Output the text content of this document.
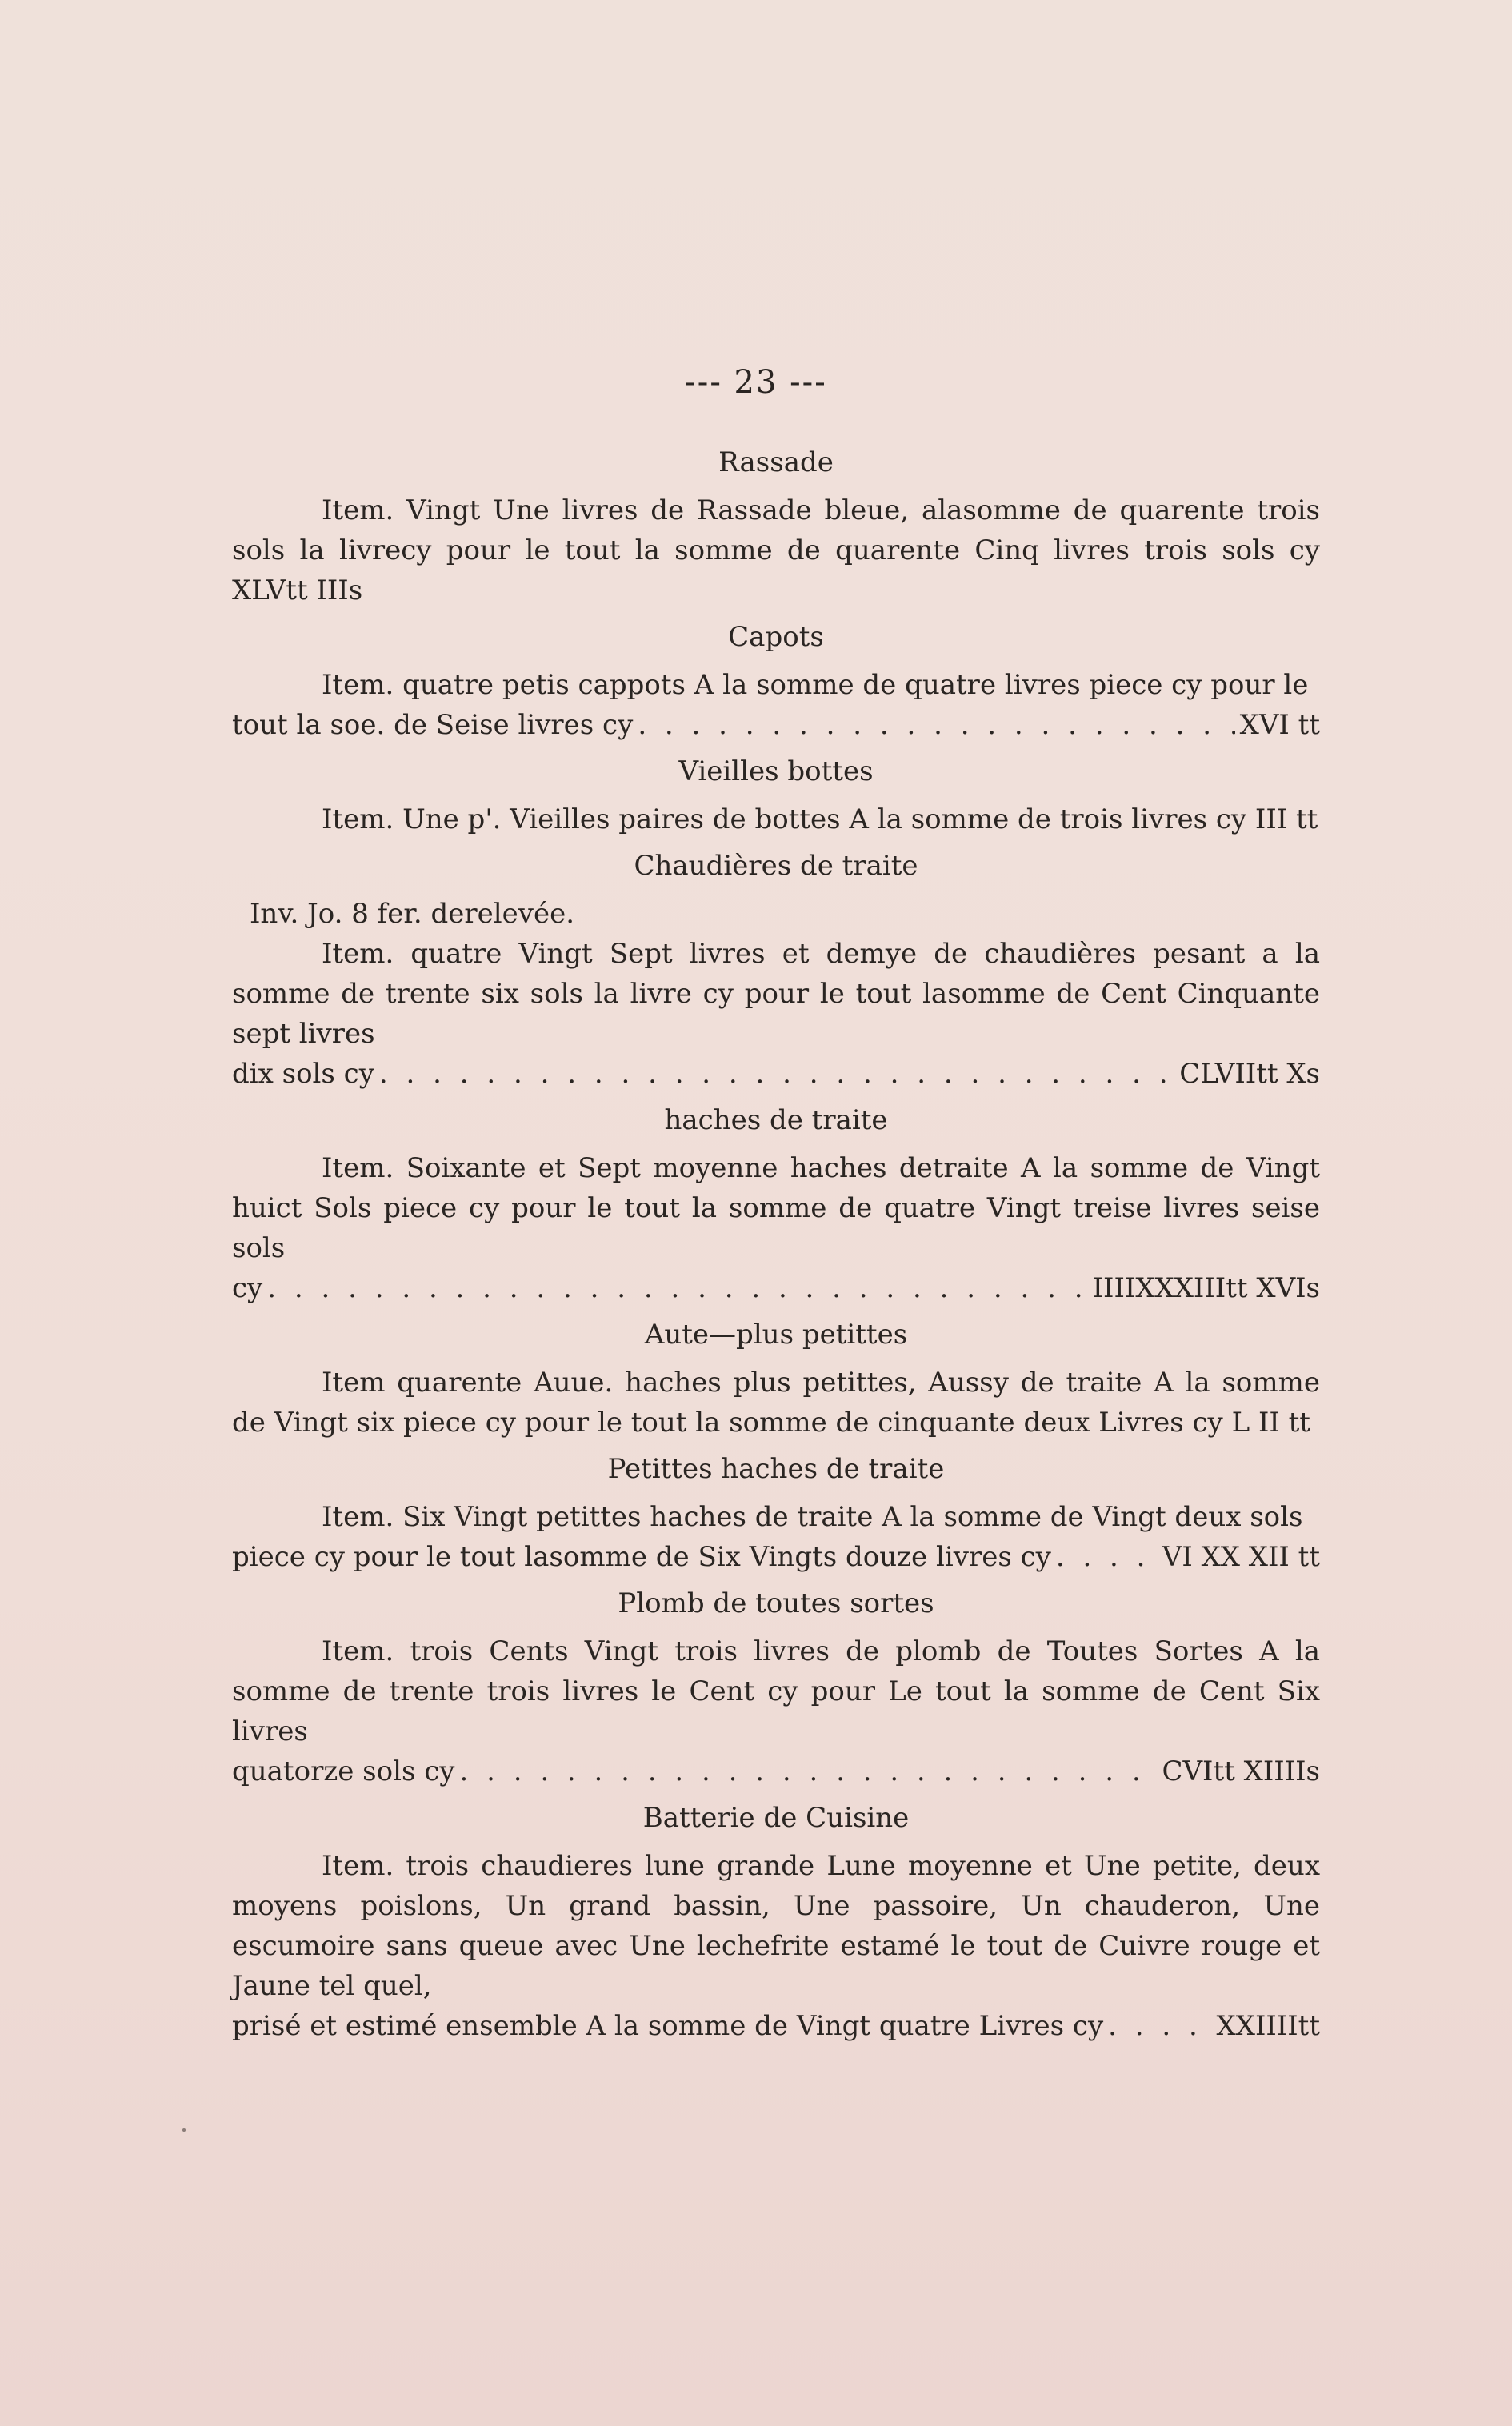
--- 23 ---
Rassade
Item. Vingt Une livres de Rassade bleue, alasomme de quarente trois sols la livrecy pour le tout la somme de quarente Cinq livres trois sols cy XLVtt IIIs
Capots
Item. quatre petis cappots A la somme de quatre livres piece cy pour le
tout la soe. de Seise livres cy . . .	XVI tt
Vieilles bottes
Item. Une p'. Vieilles paires de bottes A la somme de trois livres cy III tt
Chaudières de traite
Inv. Jo. 8 fer. derelevée.
Item. quatre Vingt Sept livres et demye de chaudières pesant a la somme de trente six sols la livre cy pour le tout lasomme de Cent Cinquante sept livres
dix sols cy . . .	CLVIItt Xs
haches de traite
Item. Soixante et Sept moyenne haches detraite A la somme de Vingt huict Sols piece cy pour le tout la somme de quatre Vingt treise livres seise sols
cy . . .	IIIIXXXIIItt XVIs
Aute—plus petittes
Item quarente Auue. haches plus petittes, Aussy de traite A la somme de Vingt six piece cy pour le tout la somme de cinquante deux Livres cy L II tt
Petittes haches de traite
Item. Six Vingt petittes haches de traite A la somme de Vingt deux sols
piece cy pour le tout lasomme de Six Vingts douze livres cy . . .	VI XX XII tt
Plomb de toutes sortes
Item. trois Cents Vingt trois livres de plomb de Toutes Sortes A la somme de trente trois livres le Cent cy pour Le tout la somme de Cent Six livres
quatorze sols cy . . .	CVItt XIIIIs
Batterie de Cuisine
Item. trois chaudieres lune grande Lune moyenne et Une petite, deux moyens poislons, Un grand bassin, Une passoire, Un chauderon, Une escumoire sans queue avec Une lechefrite estamé le tout de Cuivre rouge et Jaune tel quel,
prisé et estimé ensemble A la somme de Vingt quatre Livres cy . . .	XXIIIItt
